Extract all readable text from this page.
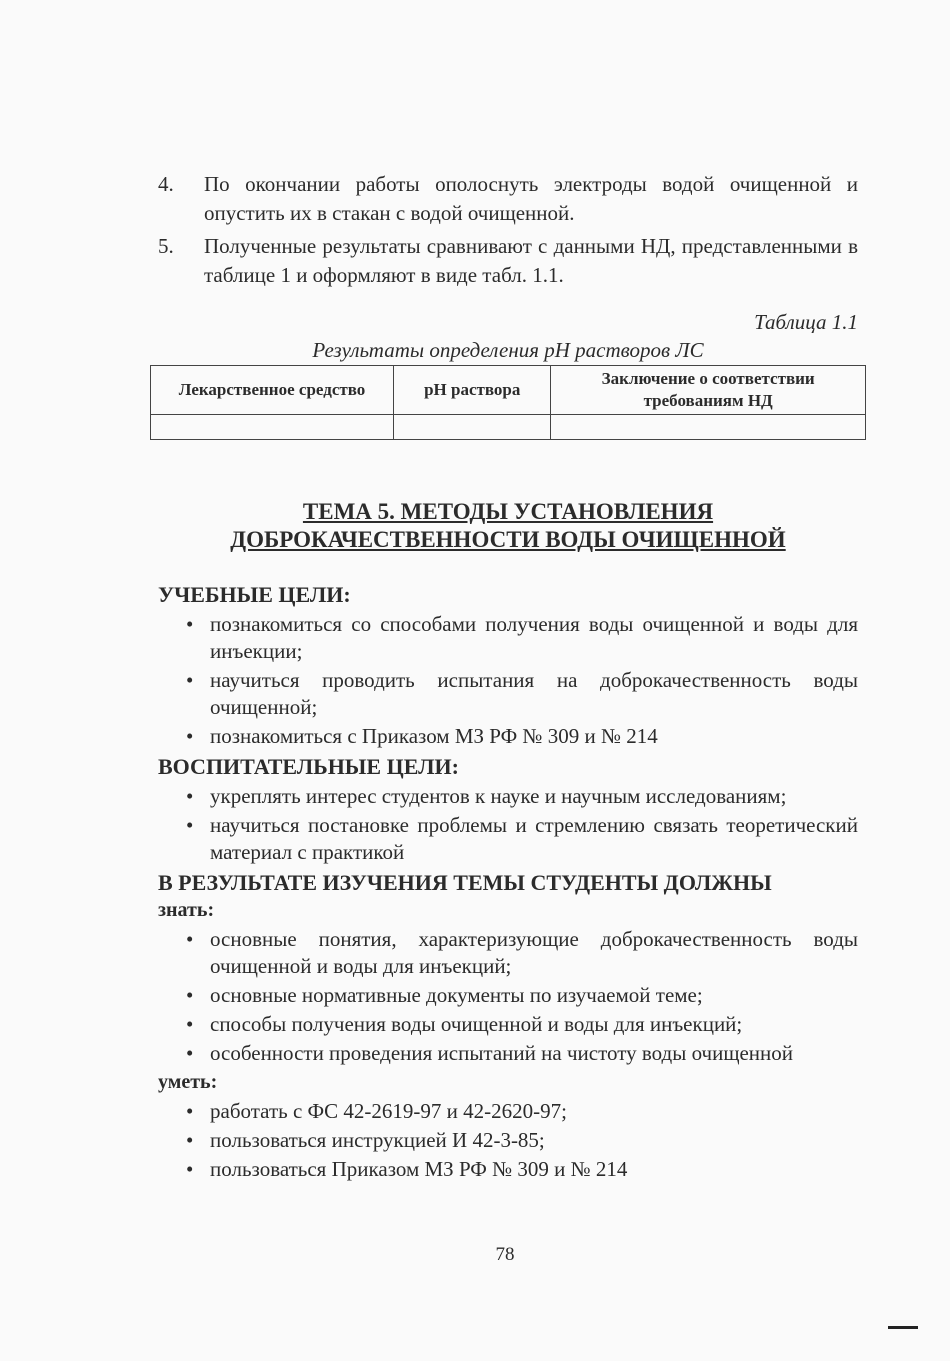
4. По окончании работы ополоснуть электроды водой очищенной и опустить их в стакан с водой очищенной.
5. Полученные результаты сравнивают с данными НД, представленными в таблице 1 и оформляют в виде табл. 1.1.
Таблица 1.1
Результаты определения pH растворов ЛС
Лекарственное средство	pH раствора	Заключение о соответствии требованиям НД

ТЕМА 5. МЕТОДЫ УСТАНОВЛЕНИЯ
ДОБРОКАЧЕСТВЕННОСТИ ВОДЫ ОЧИЩЕННОЙ
УЧЕБНЫЕ ЦЕЛИ:
• познакомиться со способами получения воды очищенной и воды для инъекции;
• научиться проводить испытания на доброкачественность воды очищенной;
• познакомиться с Приказом МЗ РФ № 309 и № 214
ВОСПИТАТЕЛЬНЫЕ ЦЕЛИ:
• укреплять интерес студентов к науке и научным исследованиям;
• научиться постановке проблемы и стремлению связать теоретический материал с практикой
В РЕЗУЛЬТАТЕ ИЗУЧЕНИЯ ТЕМЫ СТУДЕНТЫ ДОЛЖНЫ
знать:
• основные понятия, характеризующие доброкачественность воды очищенной и воды для инъекций;
• основные нормативные документы по изучаемой теме;
• способы получения воды очищенной и воды для инъекций;
• особенности проведения испытаний на чистоту воды очищенной
уметь:
• работать с ФС 42-2619-97 и 42-2620-97;
• пользоваться инструкцией И 42-3-85;
• пользоваться Приказом МЗ РФ № 309 и № 214
78
